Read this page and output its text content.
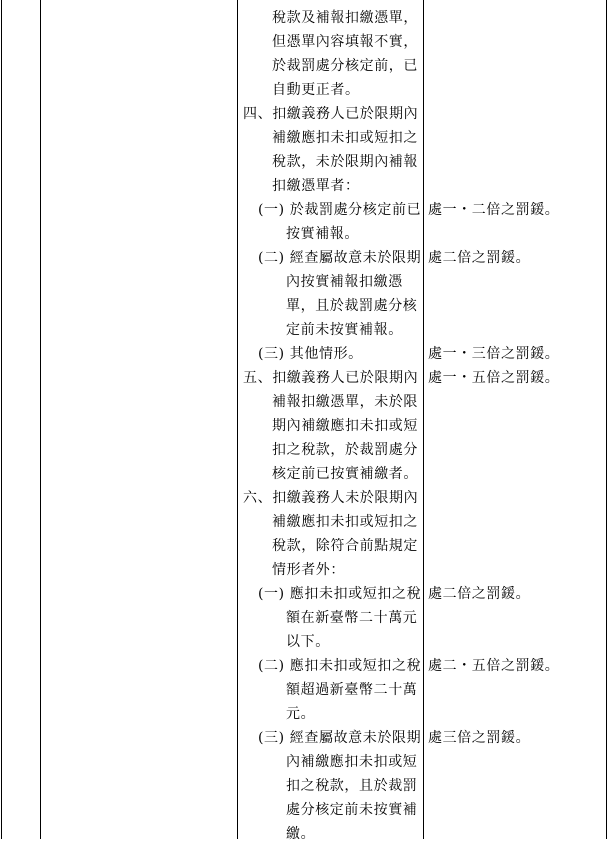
稅款及補報扣繳憑單，
但憑單內容填報不實，
於裁罰處分核定前，已
自動更正者。
四、扣繳義務人已於限期內
補繳應扣未扣或短扣之
稅款，未於限期內補報
扣繳憑單者：
(一) 於裁罰處分核定前已
按實補報。
(二) 經查屬故意未於限期
內按實補報扣繳憑
單，且於裁罰處分核
定前未按實補報。
(三) 其他情形。
五、扣繳義務人已於限期內
補報扣繳憑單，未於限
期內補繳應扣未扣或短
扣之稅款，於裁罰處分
核定前已按實補繳者。
六、扣繳義務人未於限期內
補繳應扣未扣或短扣之
稅款，除符合前點規定
情形者外：
(一) 應扣未扣或短扣之稅
額在新臺幣二十萬元
以下。
(二) 應扣未扣或短扣之稅
額超過新臺幣二十萬
元。
(三) 經查屬故意未於限期
內補繳應扣未扣或短
扣之稅款，且於裁罰
處分核定前未按實補
繳。
處一・二倍之罰鍰。
處二倍之罰鍰。
處一・三倍之罰鍰。
處一・五倍之罰鍰。
處二倍之罰鍰。
處二・五倍之罰鍰。
處三倍之罰鍰。
